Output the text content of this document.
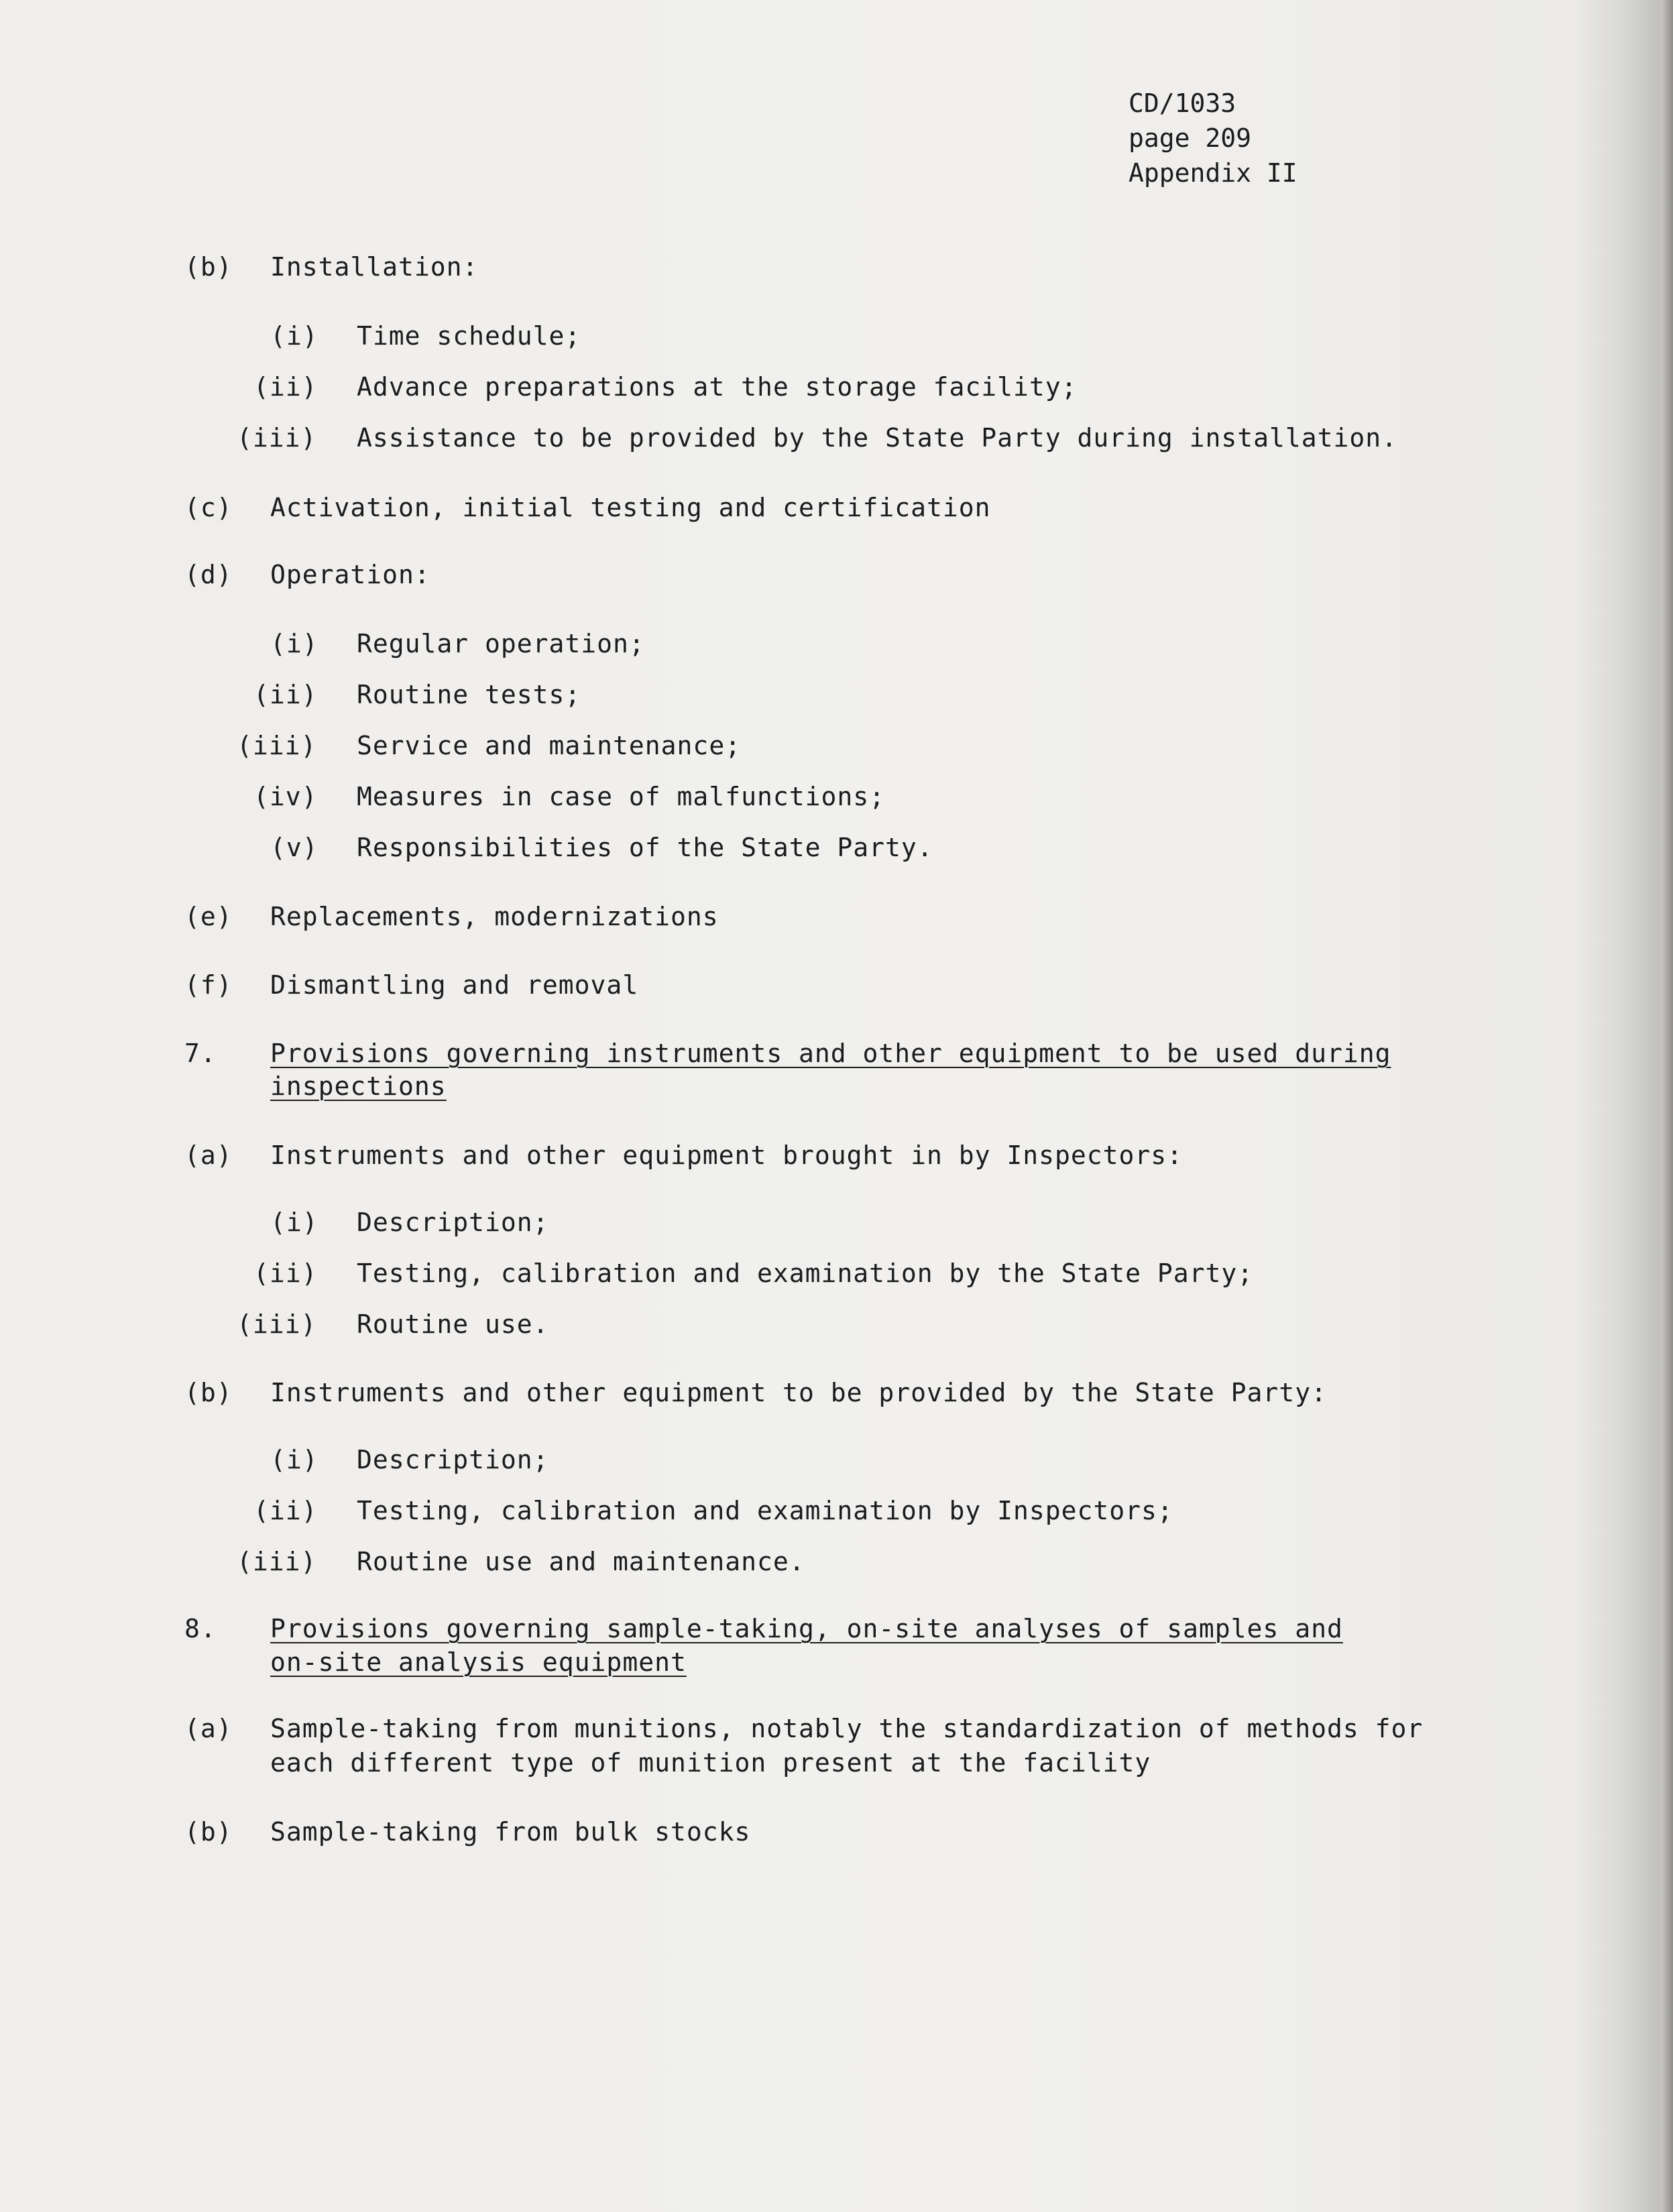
CD/1033
page 209
Appendix II
(b) Installation:
(i) Time schedule;
(ii) Advance preparations at the storage facility;
(iii) Assistance to be provided by the State Party during installation.
(c) Activation, initial testing and certification
(d) Operation:
(i) Regular operation;
(ii) Routine tests;
(iii) Service and maintenance;
(iv) Measures in case of malfunctions;
(v) Responsibilities of the State Party.
(e) Replacements, modernizations
(f) Dismantling and removal
7. Provisions governing instruments and other equipment to be used during
inspections
(a) Instruments and other equipment brought in by Inspectors:
(i) Description;
(ii) Testing, calibration and examination by the State Party;
(iii) Routine use.
(b) Instruments and other equipment to be provided by the State Party:
(i) Description;
(ii) Testing, calibration and examination by Inspectors;
(iii) Routine use and maintenance.
8. Provisions governing sample-taking, on-site analyses of samples and
on-site analysis equipment
(a) Sample-taking from munitions, notably the standardization of methods for
each different type of munition present at the facility
(b) Sample-taking from bulk stocks
